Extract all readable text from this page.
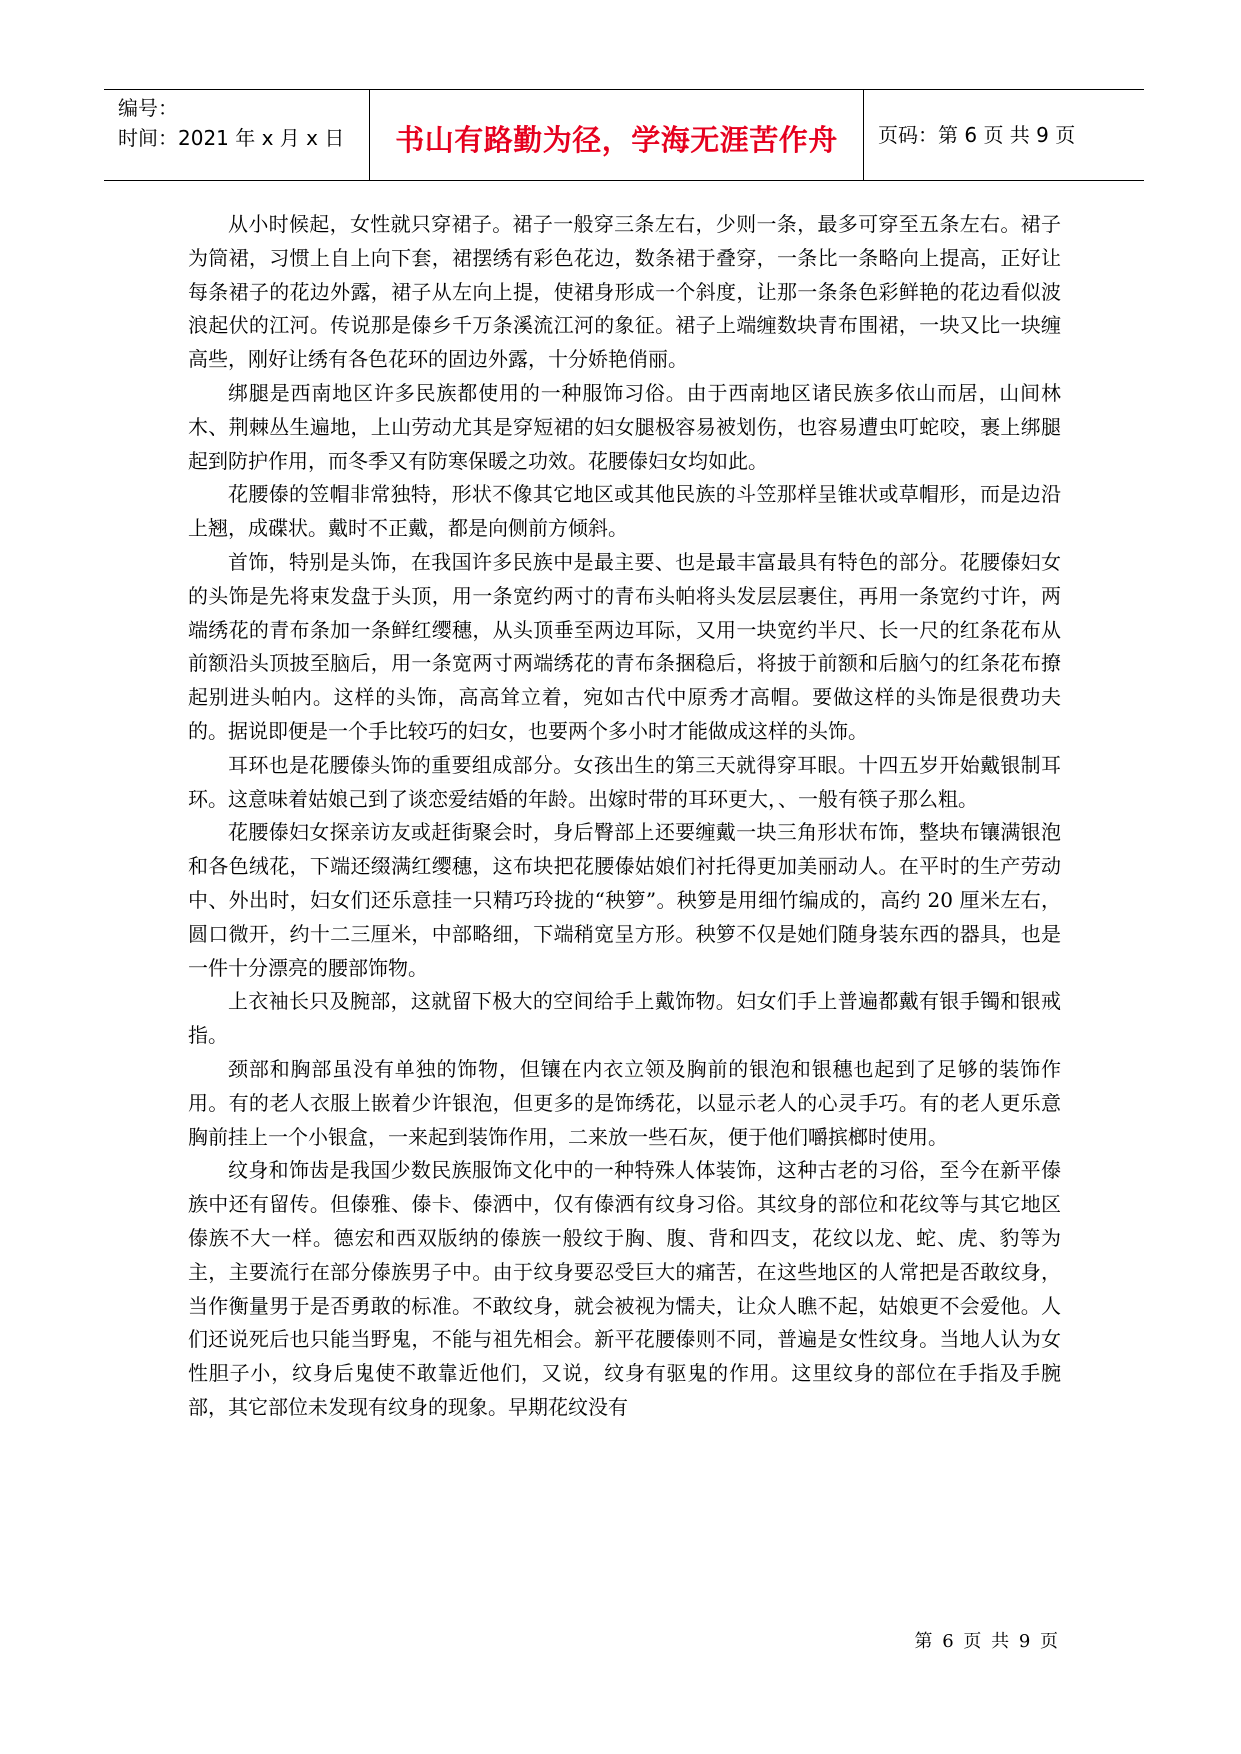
编号：
时间：2021 年 x 月 x 日	书山有路勤为径，学海无涯苦作舟	页码：第 6 页 共 9 页

从小时候起，女性就只穿裙子。裙子一般穿三条左右，少则一条，最多可穿至五条左右。裙子为筒裙，习惯上自上向下套，裙摆绣有彩色花边，数条裙于叠穿，一条比一条略向上提高，正好让每条裙子的花边外露，裙子从左向上提，使裙身形成一个斜度，让那一条条色彩鲜艳的花边看似波浪起伏的江河。传说那是傣乡千万条溪流江河的象征。裙子上端缠数块青布围裙，一块又比一块缠高些，刚好让绣有各色花环的固边外露，十分娇艳俏丽。

绑腿是西南地区许多民族都使用的一种服饰习俗。由于西南地区诸民族多依山而居，山间林木、荆棘丛生遍地，上山劳动尤其是穿短裙的妇女腿极容易被划伤，也容易遭虫叮蛇咬，裹上绑腿起到防护作用，而冬季又有防寒保暖之功效。花腰傣妇女均如此。

花腰傣的笠帽非常独特，形状不像其它地区或其他民族的斗笠那样呈锥状或草帽形，而是边沿上翘，成碟状。戴时不正戴，都是向侧前方倾斜。

首饰，特别是头饰，在我国许多民族中是最主要、也是最丰富最具有特色的部分。花腰傣妇女的头饰是先将束发盘于头顶，用一条宽约两寸的青布头帕将头发层层裹住，再用一条宽约寸许，两端绣花的青布条加一条鲜红缨穗，从头顶垂至两边耳际，又用一块宽约半尺、长一尺的红条花布从前额沿头顶披至脑后，用一条宽两寸两端绣花的青布条捆稳后，将披于前额和后脑勺的红条花布撩起别进头帕内。这样的头饰，高高耸立着，宛如古代中原秀才高帽。要做这样的头饰是很费功夫的。据说即便是一个手比较巧的妇女，也要两个多小时才能做成这样的头饰。

耳环也是花腰傣头饰的重要组成部分。女孩出生的第三天就得穿耳眼。十四五岁开始戴银制耳环。这意味着姑娘己到了谈恋爱结婚的年龄。出嫁时带的耳环更大，、一般有筷子那么粗。

花腰傣妇女探亲访友或赶街聚会时，身后臀部上还要缠戴一块三角形状布饰，整块布镶满银泡和各色绒花，下端还缀满红缨穗，这布块把花腰傣姑娘们衬托得更加美丽动人。在平时的生产劳动中、外出时，妇女们还乐意挂一只精巧玲拢的“秧箩”。秧箩是用细竹编成的，高约 20 厘米左右，圆口微开，约十二三厘米，中部略细，下端稍宽呈方形。秧箩不仅是她们随身装东西的器具，也是一件十分漂亮的腰部饰物。

上衣袖长只及腕部，这就留下极大的空间给手上戴饰物。妇女们手上普遍都戴有银手镯和银戒指。

颈部和胸部虽没有单独的饰物，但镶在内衣立领及胸前的银泡和银穗也起到了足够的装饰作用。有的老人衣服上嵌着少许银泡，但更多的是饰绣花，以显示老人的心灵手巧。有的老人更乐意胸前挂上一个小银盒，一来起到装饰作用，二来放一些石灰，便于他们嚼摈榔时使用。

纹身和饰齿是我国少数民族服饰文化中的一种特殊人体装饰，这种古老的习俗，至今在新平傣族中还有留传。但傣雅、傣卡、傣洒中，仅有傣洒有纹身习俗。其纹身的部位和花纹等与其它地区傣族不大一样。德宏和西双版纳的傣族一般纹于胸、腹、背和四支，花纹以龙、蛇、虎、豹等为主，主要流行在部分傣族男子中。由于纹身要忍受巨大的痛苦，在这些地区的人常把是否敢纹身，当作衡量男于是否勇敢的标准。不敢纹身，就会被视为懦夫，让众人瞧不起，姑娘更不会爱他。人们还说死后也只能当野鬼，不能与祖先相会。新平花腰傣则不同，普遍是女性纹身。当地人认为女性胆子小，纹身后鬼使不敢靠近他们，又说，纹身有驱鬼的作用。这里纹身的部位在手指及手腕部，其它部位未发现有纹身的现象。早期花纹没有

第 6 页 共 9 页
